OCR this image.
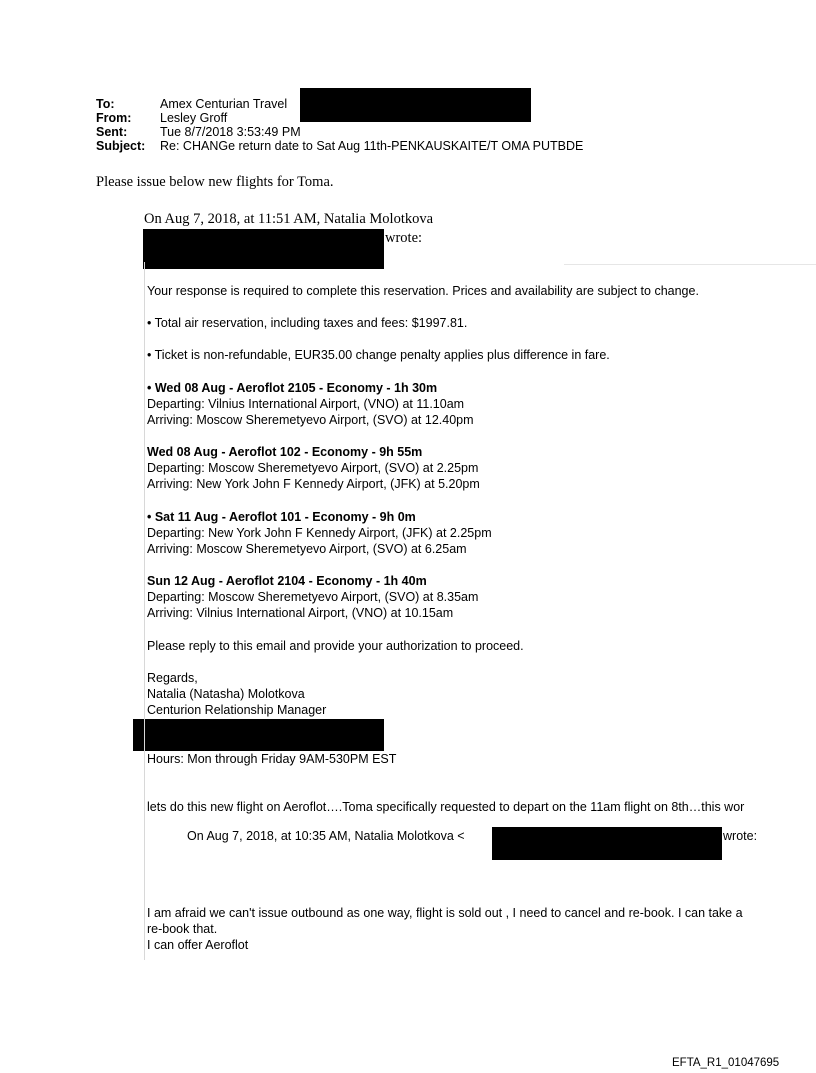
To:	Amex Centurian Travel
From:	Lesley Groff
Sent:	Tue 8/7/2018 3:53:49 PM
Subject:	Re: CHANGe return date to Sat Aug 11th-PENKAUSKAITE/T OMA PUTBDE
Please issue below new flights for Toma.
On Aug 7, 2018, at 11:51 AM, Natalia Molotkova
wrote:
Your response is required to complete this reservation. Prices and availability are subject to change.
• Total air reservation, including taxes and fees: $1997.81.
• Ticket is non-refundable, EUR35.00 change penalty applies plus difference in fare.
• Wed 08 Aug - Aeroflot 2105 - Economy - 1h 30m
Departing: Vilnius International Airport, (VNO) at 11.10am
Arriving: Moscow Sheremetyevo Airport, (SVO) at 12.40pm
Wed 08 Aug - Aeroflot 102 - Economy - 9h 55m
Departing: Moscow Sheremetyevo Airport, (SVO) at 2.25pm
Arriving: New York John F Kennedy Airport, (JFK) at 5.20pm
• Sat 11 Aug - Aeroflot 101 - Economy - 9h 0m
Departing: New York John F Kennedy Airport, (JFK) at 2.25pm
Arriving: Moscow Sheremetyevo Airport, (SVO) at 6.25am
Sun 12 Aug - Aeroflot 2104 - Economy - 1h 40m
Departing: Moscow Sheremetyevo Airport, (SVO) at 8.35am
Arriving: Vilnius International Airport, (VNO) at 10.15am
Please reply to this email and provide your authorization to proceed.
Regards,
Natalia (Natasha) Molotkova
Centurion Relationship Manager
Hours: Mon through Friday 9AM-530PM EST
lets do this new flight on Aeroflot….Toma specifically requested to depart on the 11am flight on 8th…this wor
On Aug 7, 2018, at 10:35 AM, Natalia Molotkova <	wrote:
I am afraid we can't issue outbound as one way, flight is sold out , I need to cancel and re-book. I can take a
re-book that.
I can offer Aeroflot
EFTA_R1_01047695
